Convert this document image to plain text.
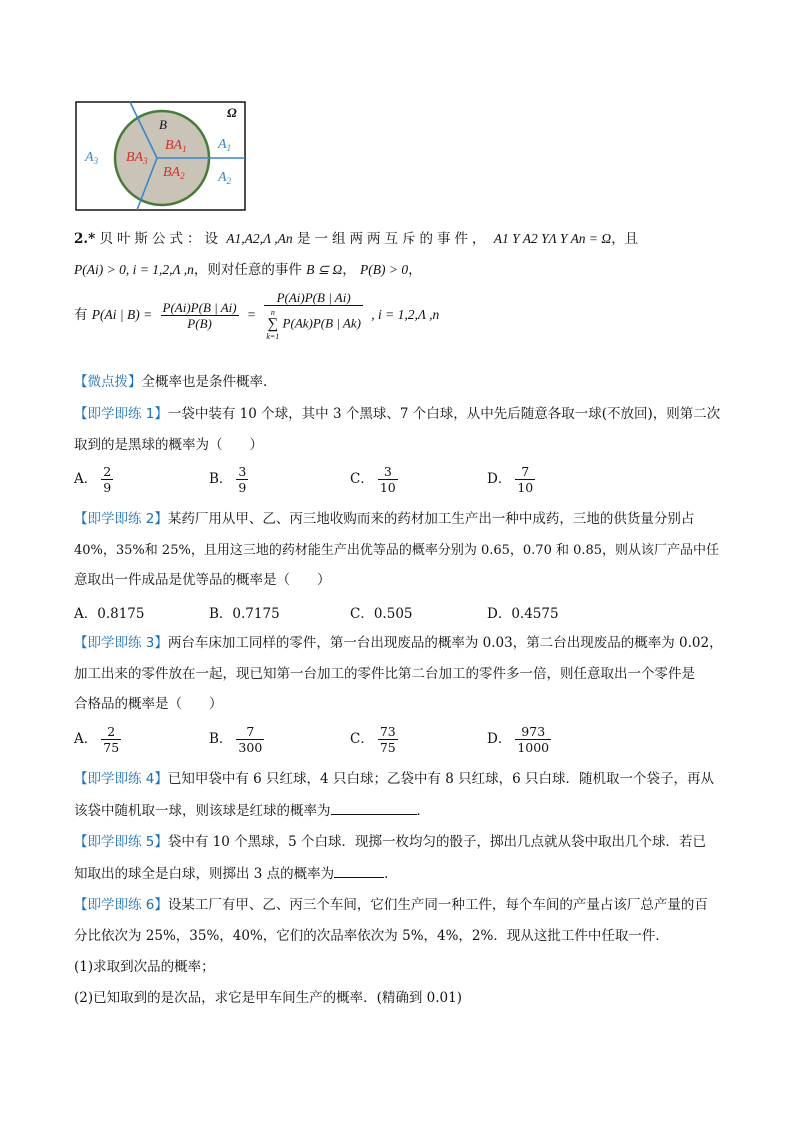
Ω
B
$BA_1$
$BA_2$
$BA_3$
$A_1$
$A_2$
$A_3$
2.* 贝叶斯公式：设 A1,A2,Λ ,An 是一组两两互斥的事件， A1 Y A2 YΛ Y An = Ω，且
P(Ai) > 0, i = 1,2,Λ ,n，则对任意的事件 B ⊆ Ω， P(B) > 0，
有 P(Ai | $B) = \frac{P(Ai)P(B | Ai)}{P(B)} = P(Ai)P(B$ | Ai)
n
∑
k=1
P(Ak)P(B | Ak) , i = 1,2,Λ ,n
【微点拨】全概率也是条件概率.
【即学即练 1】一袋中装有 10 个球，其中 3 个黑球、7 个白球，从中先后随意各取一球(不放回)，则第二次
取到的是黑球的概率为（　　）
A． $\frac{2}{9}$	B． $\frac{3}{9}$	C． $\frac{3}{10}$	D． $\frac{7}{10}$
【即学即练 2】某药厂用从甲、乙、丙三地收购而来的药材加工生产出一种中成药，三地的供货量分别占
40%，35%和 25%，且用这三地的药材能生产出优等品的概率分别为 0.65，0.70 和 0.85，则从该厂产品中任
意取出一件成品是优等品的概率是（　　）
A．0.8175	B．0.7175	C．0.505	D．0.4575
【即学即练 3】两台车床加工同样的零件，第一台出现废品的概率为 0.03，第二台出现废品的概率为 0.02，
加工出来的零件放在一起，现已知第一台加工的零件比第二台加工的零件多一倍，则任意取出一个零件是
合格品的概率是（　　）
A． $\frac{2}{75}$	B． $\frac{7}{300}$	C． $\frac{73}{75}$	D． $\frac{973}{1000}$
【即学即练 4】已知甲袋中有 6 只红球，4 只白球；乙袋中有 8 只红球，6 只白球．随机取一个袋子，再从
该袋中随机取一球，则该球是红球的概率为	．
【即学即练 5】袋中有 10 个黑球，5 个白球．现掷一枚均匀的骰子，掷出几点就从袋中取出几个球．若已
知取出的球全是白球，则掷出 3 点的概率为	．
【即学即练 6】设某工厂有甲、乙、丙三个车间，它们生产同一种工件，每个车间的产量占该厂总产量的百
分比依次为 25%，35%，40%，它们的次品率依次为 5%，4%，2%．现从这批工件中任取一件．
(1)求取到次品的概率；
(2)已知取到的是次品，求它是甲车间生产的概率．(精确到 0.01)
